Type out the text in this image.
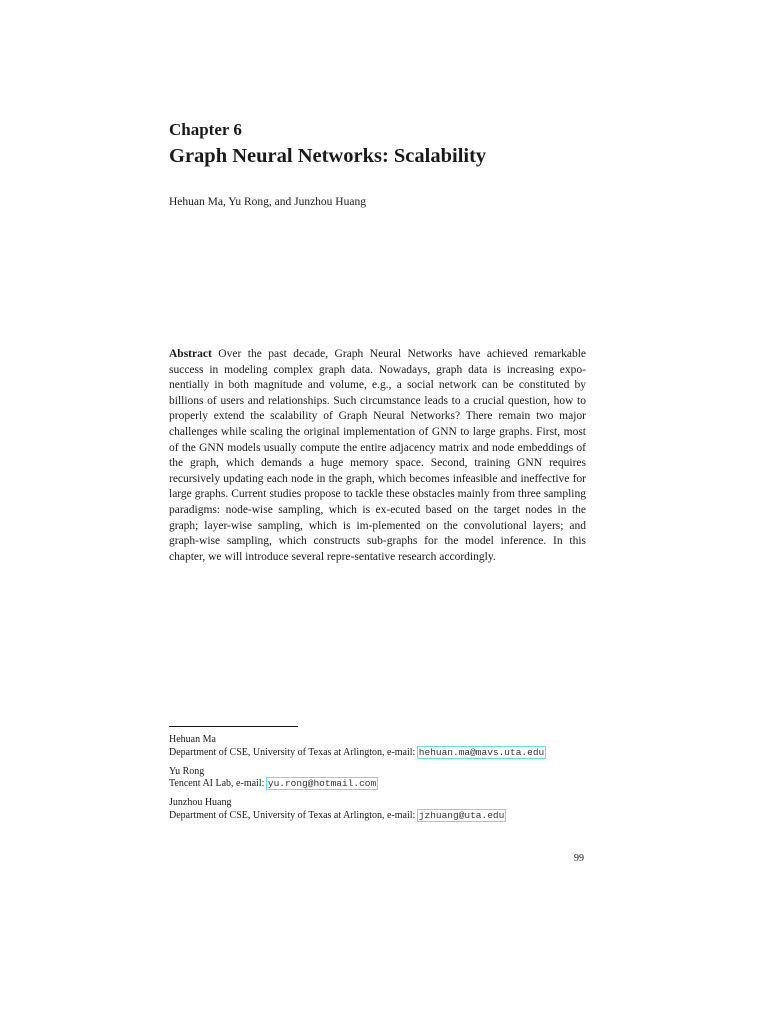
Chapter 6
Graph Neural Networks: Scalability
Hehuan Ma, Yu Rong, and Junzhou Huang
Abstract Over the past decade, Graph Neural Networks have achieved remarkable success in modeling complex graph data. Nowadays, graph data is increasing expo-nentially in both magnitude and volume, e.g., a social network can be constituted by billions of users and relationships. Such circumstance leads to a crucial question, how to properly extend the scalability of Graph Neural Networks? There remain two major challenges while scaling the original implementation of GNN to large graphs. First, most of the GNN models usually compute the entire adjacency matrix and node embeddings of the graph, which demands a huge memory space. Second, training GNN requires recursively updating each node in the graph, which becomes infeasible and ineffective for large graphs. Current studies propose to tackle these obstacles mainly from three sampling paradigms: node-wise sampling, which is ex-ecuted based on the target nodes in the graph; layer-wise sampling, which is im-plemented on the convolutional layers; and graph-wise sampling, which constructs sub-graphs for the model inference. In this chapter, we will introduce several repre-sentative research accordingly.
Hehuan Ma
Department of CSE, University of Texas at Arlington, e-mail: hehuan.ma@mavs.uta.edu
Yu Rong
Tencent AI Lab, e-mail: yu.rong@hotmail.com
Junzhou Huang
Department of CSE, University of Texas at Arlington, e-mail: jzhuang@uta.edu
99
